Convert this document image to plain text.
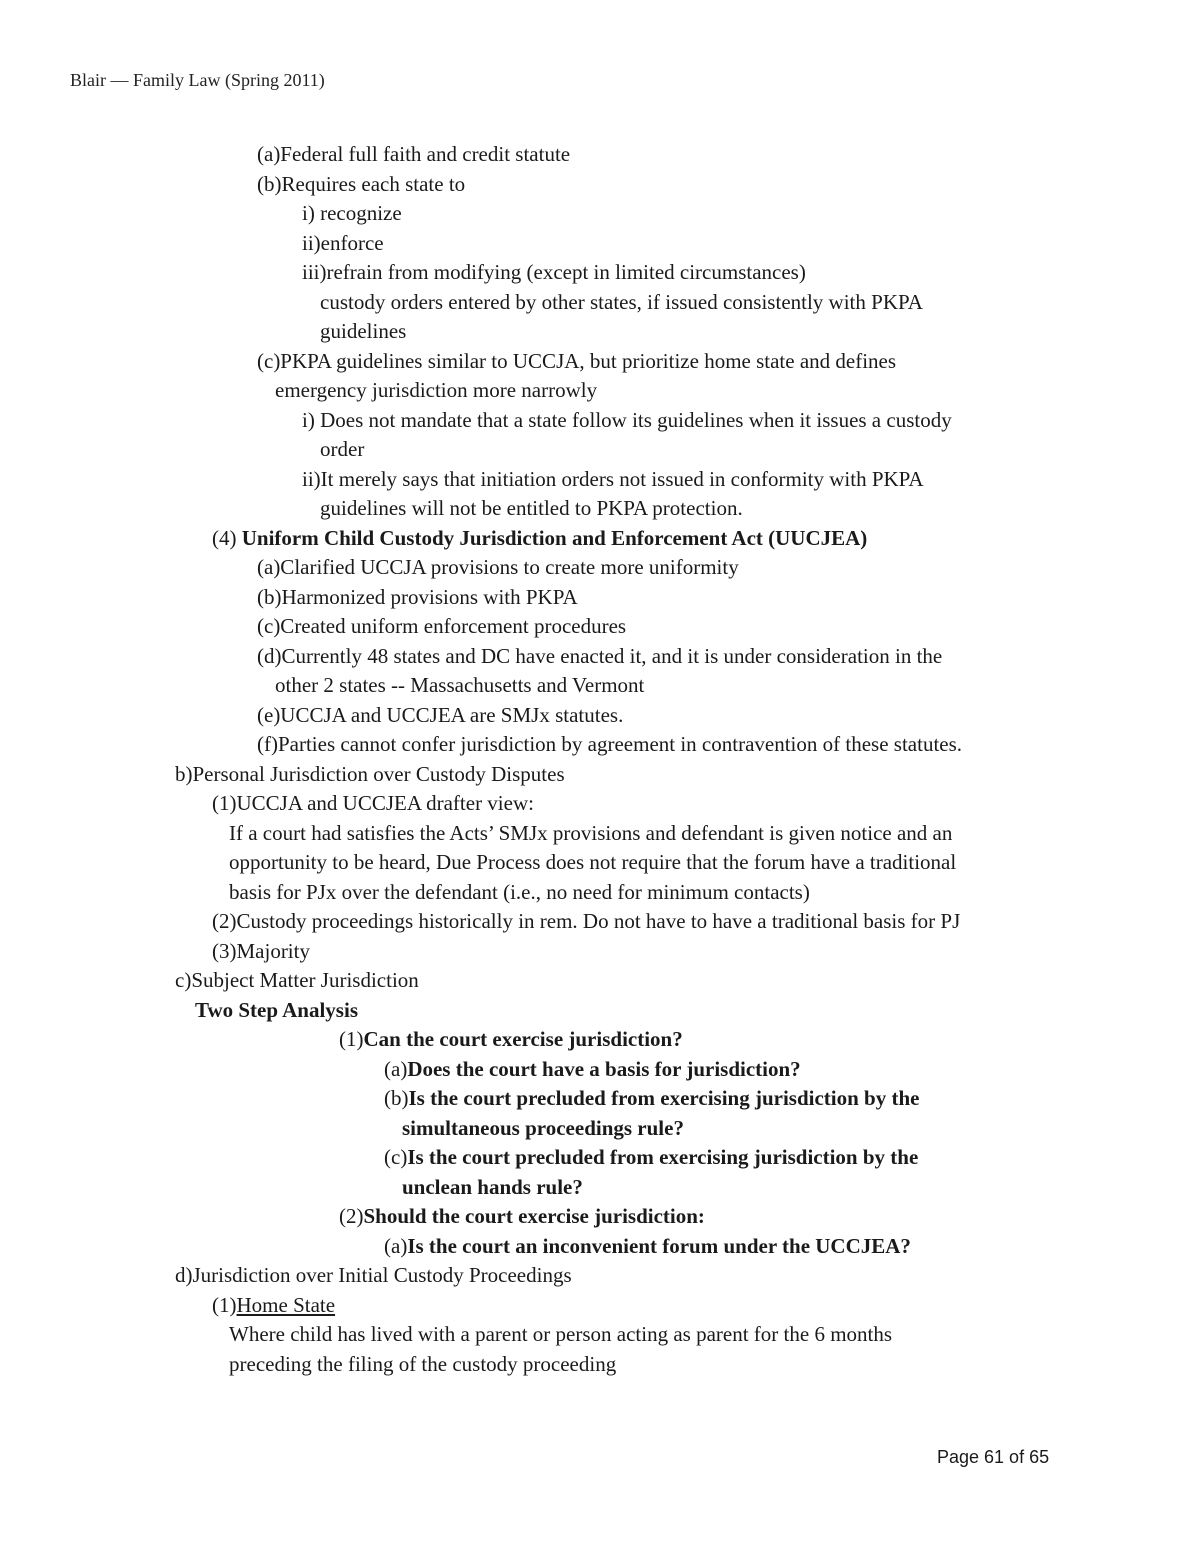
Blair — Family Law (Spring 2011)
(a)Federal full faith and credit statute
(b)Requires each state to
i) recognize
ii)enforce
iii)refrain from modifying (except in limited circumstances)
custody orders entered by other states, if issued consistently with PKPA
guidelines
(c)PKPA guidelines similar to UCCJA, but prioritize home state and defines
emergency jurisdiction more narrowly
i) Does not mandate that a state follow its guidelines when it issues a custody
order
ii)It merely says that initiation orders not issued in conformity with PKPA
guidelines will not be entitled to PKPA protection.
(4) Uniform Child Custody Jurisdiction and Enforcement Act (UUCJEA)
(a)Clarified UCCJA provisions to create more uniformity
(b)Harmonized provisions with PKPA
(c)Created uniform enforcement procedures
(d)Currently 48 states and DC have enacted it, and it is under consideration in the
other 2 states -- Massachusetts and Vermont
(e)UCCJA and UCCJEA are SMJx statutes.
(f)Parties cannot confer jurisdiction by agreement in contravention of these statutes.
b)Personal Jurisdiction over Custody Disputes
(1)UCCJA and UCCJEA drafter view:
If a court had satisfies the Acts’ SMJx provisions and defendant is given notice and an
opportunity to be heard, Due Process does not require that the forum have a traditional
basis for PJx over the defendant (i.e., no need for minimum contacts)
(2)Custody proceedings historically in rem. Do not have to have a traditional basis for PJ
(3)Majority
c)Subject Matter Jurisdiction
Two Step Analysis
(1)Can the court exercise jurisdiction?
(a)Does the court have a basis for jurisdiction?
(b)Is the court precluded from exercising jurisdiction by the
simultaneous proceedings rule?
(c)Is the court precluded from exercising jurisdiction by the
unclean hands rule?
(2)Should the court exercise jurisdiction:
(a)Is the court an inconvenient forum under the UCCJEA?
d)Jurisdiction over Initial Custody Proceedings
(1)Home State
Where child has lived with a parent or person acting as parent for the 6 months
preceding the filing of the custody proceeding
Page 61 of 65
